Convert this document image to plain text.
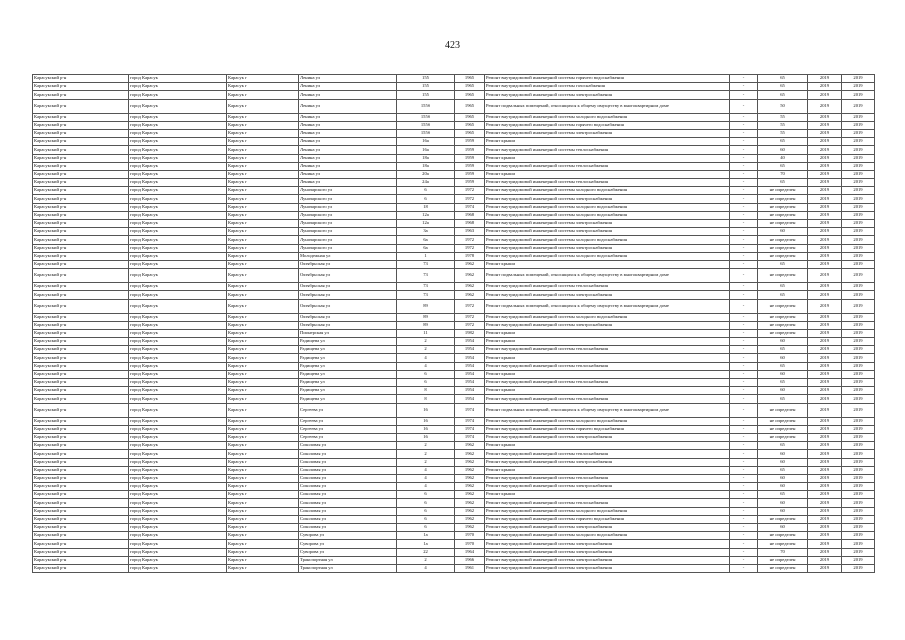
423
Карасукский р-н	город Карасук	Карасук г	Ленина ул	155	1965	Ремонт внутридомовой инженерной системы горячего водоснабжения	-	65	2019	2019
Карасукский р-н	город Карасук	Карасук г	Ленина ул	155	1965	Ремонт внутридомовой инженерной системы газоснабжения	-	65	2019	2019
Карасукский р-н	город Карасук	Карасук г	Ленина ул	155	1965	Ремонт внутридомовой инженерной системы электроснабжения	-	65	2019	2019
Карасукский р-н	город Карасук	Карасук г	Ленина ул	155б	1965	Ремонт подвальных помещений, относящихся к общему имуществу в многоквартирном доме	-	50	2019	2019
Карасукский р-н	город Карасук	Карасук г	Ленина ул	155б	1965	Ремонт внутридомовой инженерной системы холодного водоснабжения	-	55	2019	2019
Карасукский р-н	город Карасук	Карасук г	Ленина ул	155б	1965	Ремонт внутридомовой инженерной системы горячего водоснабжения	-	55	2019	2019
Карасукский р-н	город Карасук	Карасук г	Ленина ул	155б	1965	Ремонт внутридомовой инженерной системы электроснабжения	-	55	2019	2019
Карасукский р-н	город Карасук	Карасук г	Ленина ул	16а	1959	Ремонт крыши	-	65	2019	2019
Карасукский р-н	город Карасук	Карасук г	Ленина ул	16а	1959	Ремонт внутридомовой инженерной системы теплоснабжения	-	60	2019	2019
Карасукский р-н	город Карасук	Карасук г	Ленина ул	18а	1959	Ремонт крыши	-	40	2019	2019
Карасукский р-н	город Карасук	Карасук г	Ленина ул	18а	1959	Ремонт внутридомовой инженерной системы теплоснабжения	-	65	2019	2019
Карасукский р-н	город Карасук	Карасук г	Ленина ул	20а	1959	Ремонт крыши	-	70	2019	2019
Карасукский р-н	город Карасук	Карасук г	Ленина ул	24а	1959	Ремонт внутридомовой инженерной системы теплоснабжения	-	65	2019	2019
Карасукский р-н	город Карасук	Карасук г	Луначарского ул	6	1972	Ремонт внутридомовой инженерной системы холодного водоснабжения	-	не определен	2019	2019
Карасукский р-н	город Карасук	Карасук г	Луначарского ул	6	1972	Ремонт внутридомовой инженерной системы электроснабжения	-	не определен	2019	2019
Карасукский р-н	город Карасук	Карасук г	Луначарского ул	18	1974	Ремонт внутридомовой инженерной системы холодного водоснабжения	-	не определен	2019	2019
Карасукский р-н	город Карасук	Карасук г	Луначарского ул	12а	1968	Ремонт внутридомовой инженерной системы холодного водоснабжения	-	не определен	2019	2019
Карасукский р-н	город Карасук	Карасук г	Луначарского ул	12а	1968	Ремонт внутридомовой инженерной системы электроснабжения	-	не определен	2019	2019
Карасукский р-н	город Карасук	Карасук г	Луначарского ул	3а	1963	Ремонт внутридомовой инженерной системы электроснабжения	-	60	2019	2019
Карасукский р-н	город Карасук	Карасук г	Луначарского ул	6а	1972	Ремонт внутридомовой инженерной системы холодного водоснабжения	-	не определен	2019	2019
Карасукский р-н	город Карасук	Карасук г	Луначарского ул	6а	1972	Ремонт внутридомовой инженерной системы электроснабжения	-	не определен	2019	2019
Карасукский р-н	город Карасук	Карасук г	Молодежная ул	1	1978	Ремонт внутридомовой инженерной системы холодного водоснабжения	-	не определен	2019	2019
Карасукский р-н	город Карасук	Карасук г	Октябрьская ул	73	1962	Ремонт крыши	-	65	2019	2019
Карасукский р-н	город Карасук	Карасук г	Октябрьская ул	73	1962	Ремонт подвальных помещений, относящихся к общему имуществу в многоквартирном доме	-	не определен	2019	2019
Карасукский р-н	город Карасук	Карасук г	Октябрьская ул	73	1962	Ремонт внутридомовой инженерной системы теплоснабжения	-	65	2019	2019
Карасукский р-н	город Карасук	Карасук г	Октябрьская ул	73	1962	Ремонт внутридомовой инженерной системы электроснабжения	-	65	2019	2019
Карасукский р-н	город Карасук	Карасук г	Октябрьская ул	89	1972	Ремонт подвальных помещений, относящихся к общему имуществу в многоквартирном доме	-	не определен	2019	2019
Карасукский р-н	город Карасук	Карасук г	Октябрьская ул	89	1972	Ремонт внутридомовой инженерной системы холодного водоснабжения	-	не определен	2019	2019
Карасукский р-н	город Карасук	Карасук г	Октябрьская ул	89	1972	Ремонт внутридомовой инженерной системы электроснабжения	-	не определен	2019	2019
Карасукский р-н	город Карасук	Карасук г	Пионерская ул	11	1982	Ремонт крыши	-	не определен	2019	2019
Карасукский р-н	город Карасук	Карасук г	Радищева ул	2	1954	Ремонт крыши	-	60	2019	2019
Карасукский р-н	город Карасук	Карасук г	Радищева ул	2	1954	Ремонт внутридомовой инженерной системы теплоснабжения	-	65	2019	2019
Карасукский р-н	город Карасук	Карасук г	Радищева ул	4	1954	Ремонт крыши	-	60	2019	2019
Карасукский р-н	город Карасук	Карасук г	Радищева ул	4	1954	Ремонт внутридомовой инженерной системы теплоснабжения	-	65	2019	2019
Карасукский р-н	город Карасук	Карасук г	Радищева ул	6	1954	Ремонт крыши	-	60	2019	2019
Карасукский р-н	город Карасук	Карасук г	Радищева ул	6	1954	Ремонт внутридомовой инженерной системы теплоснабжения	-	65	2019	2019
Карасукский р-н	город Карасук	Карасук г	Радищева ул	8	1954	Ремонт крыши	-	60	2019	2019
Карасукский р-н	город Карасук	Карасук г	Радищева ул	8	1954	Ремонт внутридомовой инженерной системы теплоснабжения	-	65	2019	2019
Карасукский р-н	город Карасук	Карасук г	Сергеева ул	16	1974	Ремонт подвальных помещений, относящихся к общему имуществу в многоквартирном доме	-	не определен	2019	2019
Карасукский р-н	город Карасук	Карасук г	Сергеева ул	16	1974	Ремонт внутридомовой инженерной системы холодного водоснабжения	-	не определен	2019	2019
Карасукский р-н	город Карасук	Карасук г	Сергеева ул	16	1974	Ремонт внутридомовой инженерной системы горячего водоснабжения	-	не определен	2019	2019
Карасукский р-н	город Карасук	Карасук г	Сергеева ул	16	1974	Ремонт внутридомовой инженерной системы электроснабжения	-	не определен	2019	2019
Карасукский р-н	город Карасук	Карасук г	Соколовая ул	2	1962	Ремонт крыши	-	65	2019	2019
Карасукский р-н	город Карасук	Карасук г	Соколовая ул	2	1962	Ремонт внутридомовой инженерной системы теплоснабжения	-	60	2019	2019
Карасукский р-н	город Карасук	Карасук г	Соколовая ул	2	1962	Ремонт внутридомовой инженерной системы электроснабжения	-	60	2019	2019
Карасукский р-н	город Карасук	Карасук г	Соколовая ул	4	1962	Ремонт крыши	-	65	2019	2019
Карасукский р-н	город Карасук	Карасук г	Соколовая ул	4	1962	Ремонт внутридомовой инженерной системы теплоснабжения	-	60	2019	2019
Карасукский р-н	город Карасук	Карасук г	Соколовая ул	4	1962	Ремонт внутридомовой инженерной системы электроснабжения	-	60	2019	2019
Карасукский р-н	город Карасук	Карасук г	Соколовая ул	6	1962	Ремонт крыши	-	65	2019	2019
Карасукский р-н	город Карасук	Карасук г	Соколовая ул	6	1962	Ремонт внутридомовой инженерной системы теплоснабжения	-	60	2019	2019
Карасукский р-н	город Карасук	Карасук г	Соколовая ул	6	1962	Ремонт внутридомовой инженерной системы холодного водоснабжения	-	60	2019	2019
Карасукский р-н	город Карасук	Карасук г	Соколовая ул	6	1962	Ремонт внутридомовой инженерной системы горячего водоснабжения	-	не определен	2019	2019
Карасукский р-н	город Карасук	Карасук г	Соколовая ул	6	1962	Ремонт внутридомовой инженерной системы электроснабжения	-	60	2019	2019
Карасукский р-н	город Карасук	Карасук г	Суворова ул	1а	1970	Ремонт внутридомовой инженерной системы холодного водоснабжения	-	не определен	2019	2019
Карасукский р-н	город Карасук	Карасук г	Суворова ул	1а	1970	Ремонт внутридомовой инженерной системы электроснабжения	-	не определен	2019	2019
Карасукский р-н	город Карасук	Карасук г	Суворова ул	22	1964	Ремонт внутридомовой инженерной системы электроснабжения	-	70	2019	2019
Карасукский р-н	город Карасук	Карасук г	Транспортная ул	2	1966	Ремонт внутридомовой инженерной системы электроснабжения	-	не определен	2019	2019
Карасукский р-н	город Карасук	Карасук г	Транспортная ул	4	1961	Ремонт внутридомовой инженерной системы электроснабжения	-	не определен	2019	2019
